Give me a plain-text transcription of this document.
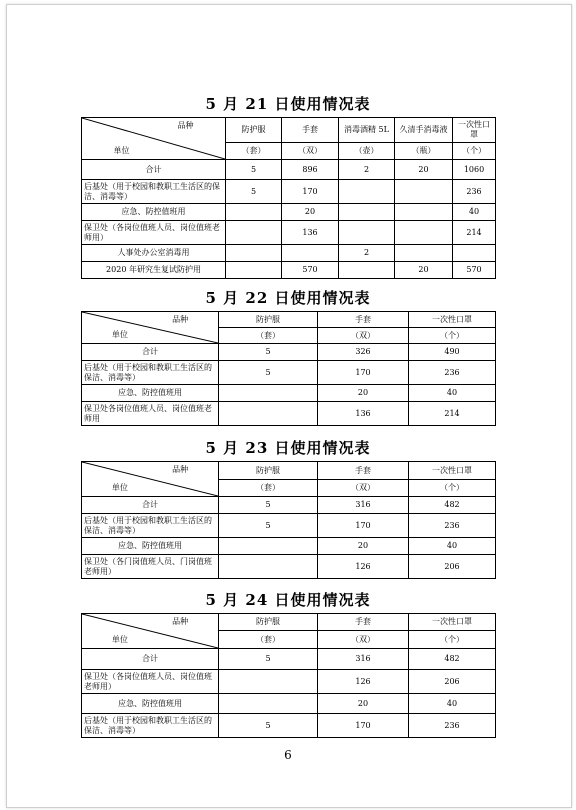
5 月 21 日使用情况表
品种
单位	防护服	手套	消毒酒精 5L	久清手消毒液	一次性口罩
	（套）	（双）	（壶）	（瓶）	（个）
合计	5	896	2	20	1060
后基处（用于校园和教职工生活区的保洁、消毒等）	5	170			236
应急、防控值班用		20			40
保卫处（各岗位值班人员、岗位值班老师用）		136			214
人事处办公室消毒用			2		
2020 年研究生复试防护用		570		20	570
5 月 22 日使用情况表
品种
单位	防护服	手套	一次性口罩
	（套）	（双）	（个）
合计	5	326	490
后基处（用于校园和教职工生活区的保洁、消毒等）	5	170	236
应急、防控值班用		20	40
保卫处各岗位值班人员、岗位值班老师用		136	214
5 月 23 日使用情况表
品种
单位	防护服	手套	一次性口罩
	（套）	（双）	（个）
合计	5	316	482
后基处（用于校园和教职工生活区的保洁、消毒等）	5	170	236
应急、防控值班用		20	40
保卫处（各门岗值班人员、门岗值班老师用）		126	206
5 月 24 日使用情况表
品种
单位	防护服	手套	一次性口罩
	（套）	（双）	（个）
合计	5	316	482
保卫处（各岗位值班人员、岗位值班老师用）		126	206
应急、防控值班用		20	40
后基处（用于校园和教职工生活区的保洁、消毒等）	5	170	236
6
